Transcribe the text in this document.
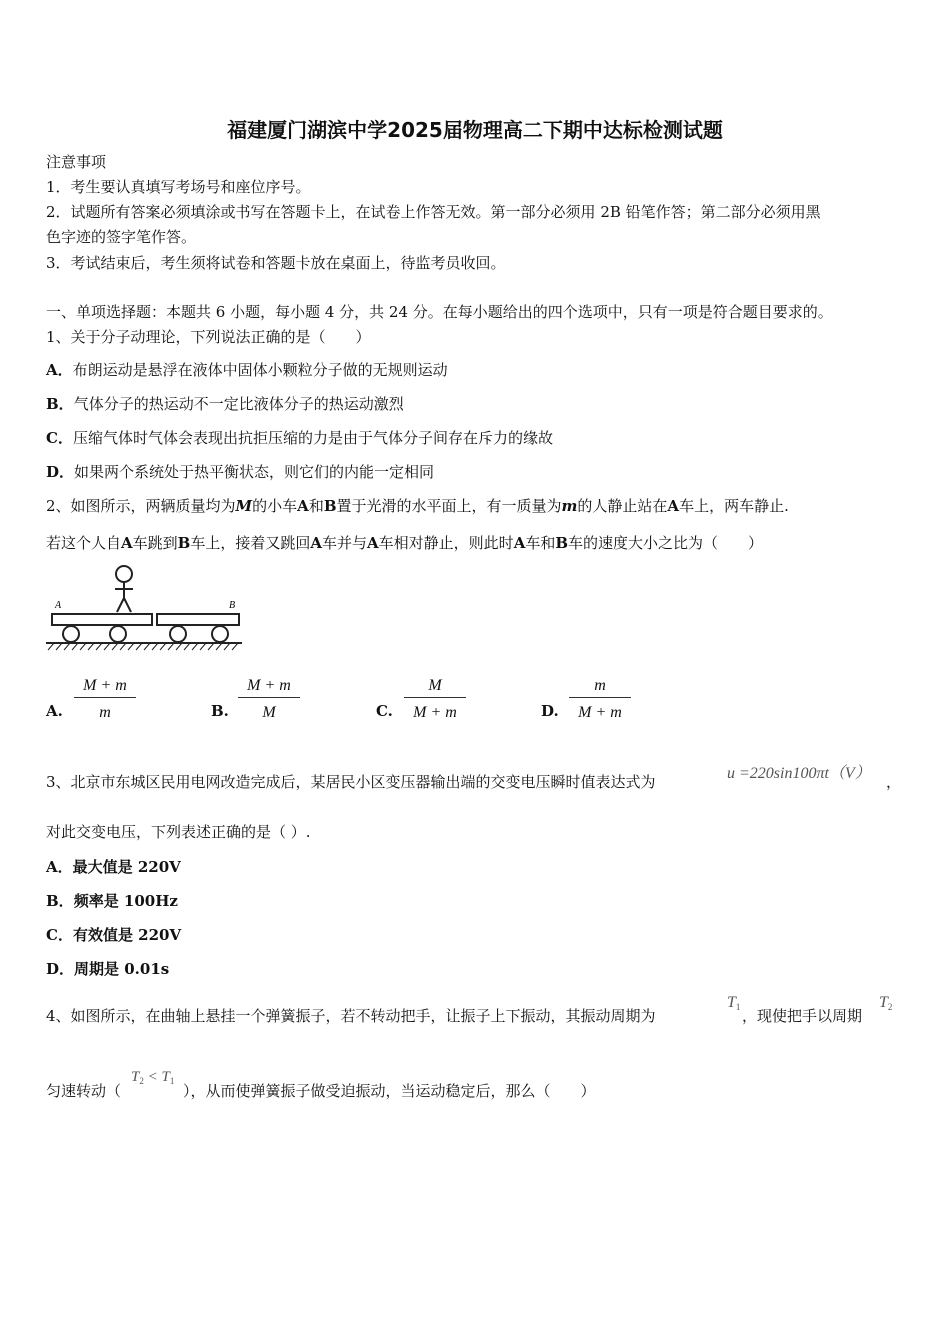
福建厦门湖滨中学2025届物理高二下期中达标检测试题
注意事项
1．考生要认真填写考场号和座位序号。
2．试题所有答案必须填涂或书写在答题卡上，在试卷上作答无效。第一部分必须用 2B 铅笔作答；第二部分必须用黑
色字迹的签字笔作答。
3．考试结束后，考生须将试卷和答题卡放在桌面上，待监考员收回。
一、单项选择题：本题共 6 小题，每小题 4 分，共 24 分。在每小题给出的四个选项中，只有一项是符合题目要求的。
1、关于分子动理论，下列说法正确的是（　　）
A．布朗运动是悬浮在液体中固体小颗粒分子做的无规则运动
B．气体分子的热运动不一定比液体分子的热运动激烈
C．压缩气体时气体会表现出抗拒压缩的力是由于气体分子间存在斥力的缘故
D．如果两个系统处于热平衡状态，则它们的内能一定相同
2、如图所示，两辆质量均为M的小车A和B置于光滑的水平面上，有一质量为m的人静止站在A车上，两车静止.
若这个人自A车跳到B车上，接着又跳回A车并与A车相对静止，则此时A车和B车的速度大小之比为（　　）
A	B
A. $\frac{M + m}{m}$	B. $\frac{M + m}{M}$	C. $\frac{M}{M + m}$	D. $\frac{m}{M + m}$
3、北京市东城区民用电网改造完成后，某居民小区变压器输出端的交变电压瞬时值表达式为	u =220sin100πt（V） ，
对此交变电压，下列表述正确的是（ ）.
A．最大值是 220V
B．频率是 100Hz
C．有效值是 220V
D．周期是 0.01s
4、如图所示，在曲轴上悬挂一个弹簧振子，若不转动把手，让振子上下振动，其振动周期为
$T_1$ ，现使把手以周期
$T_2$
匀速转动（
$T_2 < T_1$
），从而使弹簧振子做受迫振动，当运动稳定后，那么（　　）
